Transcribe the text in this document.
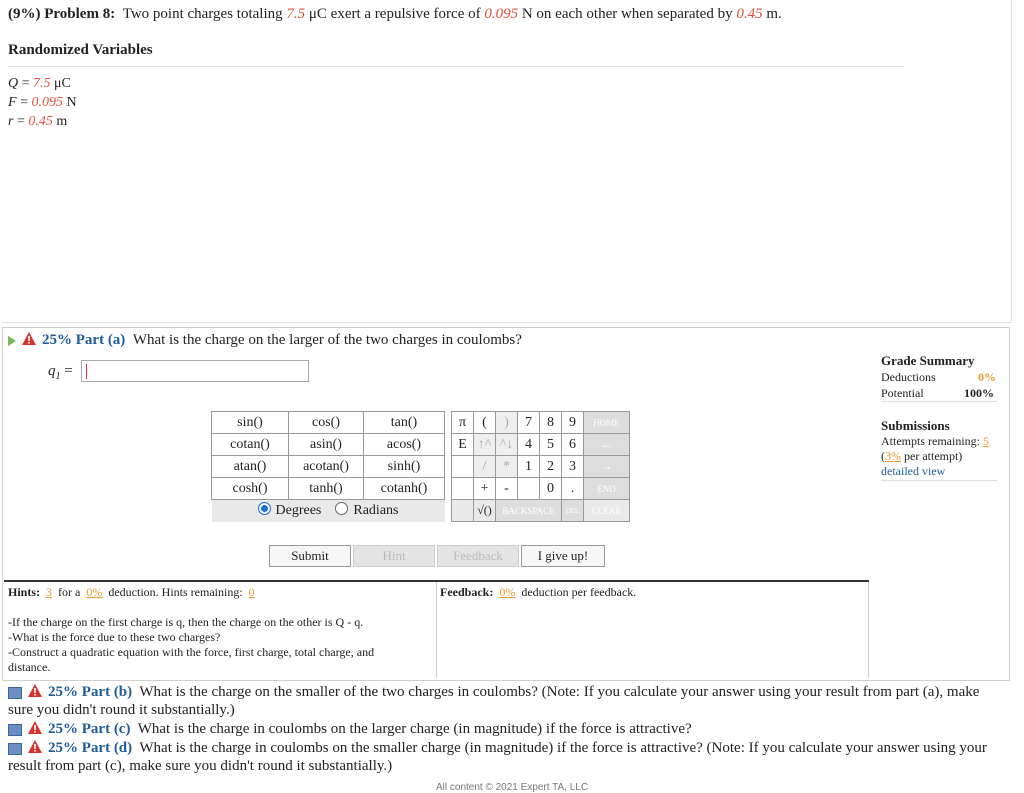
(9%) Problem 8: Two point charges totaling 7.5 μC exert a repulsive force of 0.095 N on each other when separated by 0.45 m.
Randomized Variables
Q = 7.5 μC
F = 0.095 N
r = 0.45 m
25% Part (a) What is the charge on the larger of the two charges in coulombs?
$q_1$ =
sin()	cos()	tan()		π	(	)	7	8	9	HOME
cotan()	asin()	acos()		E	↑^	^↓	4	5	6	←
atan()	acotan()	sinh()			/	*	1	2	3	→
cosh()	tanh()	cotanh()			+	-		0	.	END
Degrees Radians					√()	BACKSPACE			DEL	CLEAR
Submit	Hint	Feedback	I give up!
Grade Summary
Deductions	0%
Potential	100%
Submissions
Attempts remaining: 5
(3% per attempt)
detailed view
Hints: 3 for a 0% deduction. Hints remaining: 0	Feedback: 0% deduction per feedback.
-If the charge on the first charge is q, then the charge on the other is Q - q.
-What is the force due to these two charges?
-Construct a quadratic equation with the force, first charge, total charge, and distance.
25% Part (b) What is the charge on the smaller of the two charges in coulombs? (Note: If you calculate your answer using your result from part (a), make sure you didn't round it substantially.)
25% Part (c) What is the charge in coulombs on the larger charge (in magnitude) if the force is attractive?
25% Part (d) What is the charge in coulombs on the smaller charge (in magnitude) if the force is attractive? (Note: If you calculate your answer using your result from part (c), make sure you didn't round it substantially.)
All content © 2021 Expert TA, LLC
